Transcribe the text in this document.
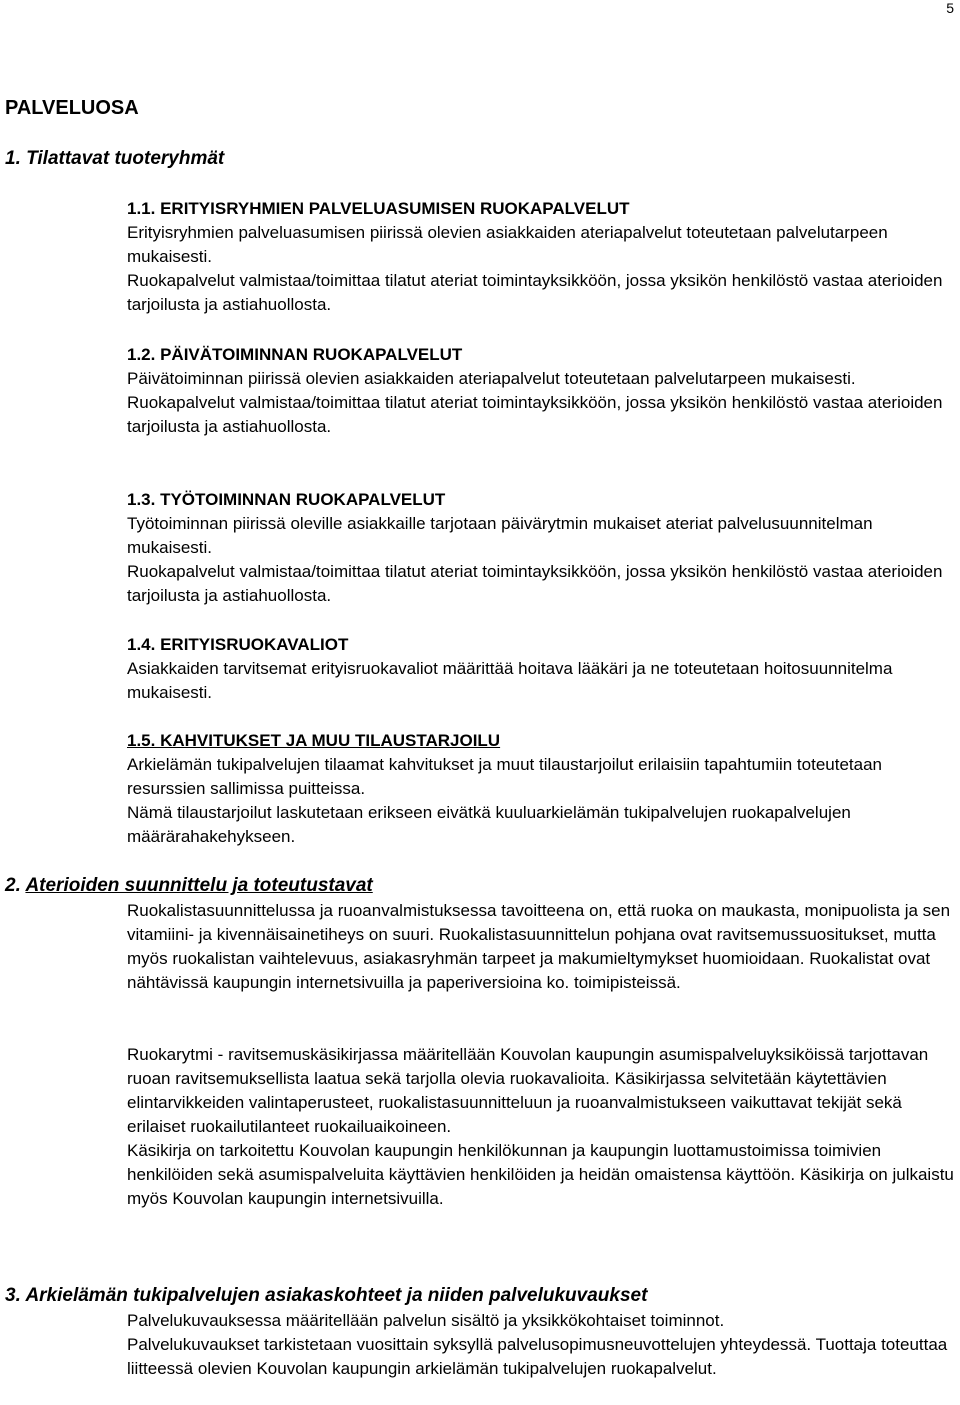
5
PALVELUOSA
1. Tilattavat tuoteryhmät

1.1. ERITYISRYHMIEN PALVELUASUMISEN RUOKAPALVELUT

Erityisryhmien palveluasumisen piirissä olevien asiakkaiden ateriapalvelut toteutetaan palvelutarpeen mukaisesti.

Ruokapalvelut valmistaa/toimittaa tilatut ateriat toimintayksikköön, jossa yksikön henkilöstö vastaa aterioiden tarjoilusta ja astiahuollosta.

1.2. PÄIVÄTOIMINNAN RUOKAPALVELUT

Päivätoiminnan piirissä olevien asiakkaiden ateriapalvelut toteutetaan palvelutarpeen mukaisesti.

Ruokapalvelut valmistaa/toimittaa tilatut ateriat toimintayksikköön, jossa yksikön henkilöstö vastaa aterioiden tarjoilusta ja astiahuollosta.

1.3. TYÖTOIMINNAN RUOKAPALVELUT

Työtoiminnan piirissä oleville asiakkaille tarjotaan päivärytmin mukaiset ateriat palvelusuunnitelman mukaisesti.

Ruokapalvelut valmistaa/toimittaa tilatut ateriat toimintayksikköön, jossa yksikön henkilöstö vastaa aterioiden tarjoilusta ja astiahuollosta.

1.4. ERITYISRUOKAVALIOT

Asiakkaiden tarvitsemat erityisruokavaliot määrittää hoitava lääkäri ja ne toteutetaan hoitosuunnitelma mukaisesti.

1.5. KAHVITUKSET JA MUU TILAUSTARJOILU

Arkielämän tukipalvelujen tilaamat kahvitukset ja muut tilaustarjoilut erilaisiin tapahtumiin toteutetaan resurssien sallimissa puitteissa.

Nämä tilaustarjoilut laskutetaan erikseen eivätkä kuuluarkielämän tukipalvelujen ruokapalvelujen määrärahakehykseen.

2. Aterioiden suunnittelu ja toteutustavat

Ruokalistasuunnittelussa ja ruoanvalmistuksessa tavoitteena on, että ruoka on maukasta, monipuolista ja sen vitamiini- ja kivennäisainetiheys on suuri. Ruokalistasuunnittelun pohjana ovat ravitsemussuositukset, mutta myös ruokalistan vaihtelevuus, asiakasryhmän tarpeet ja makumieltymykset huomioidaan. Ruokalistat ovat nähtävissä kaupungin internetsivuilla ja paperiversioina ko. toimipisteissä.

Ruokarytmi - ravitsemuskäsikirjassa määritellään Kouvolan kaupungin asumispalveluyksiköissä tarjottavan ruoan ravitsemuksellista laatua sekä tarjolla olevia ruokavalioita. Käsikirjassa selvitetään käytettävien elintarvikkeiden valintaperusteet, ruokalistasuunnitteluun ja ruoanvalmistukseen vaikuttavat tekijät sekä erilaiset ruokailutilanteet ruokailuaikoineen.

Käsikirja on tarkoitettu Kouvolan kaupungin henkilökunnan ja kaupungin luottamustoimissa toimivien henkilöiden sekä asumispalveluita käyttävien henkilöiden ja heidän omaistensa käyttöön. Käsikirja on julkaistu myös Kouvolan kaupungin internetsivuilla.

3. Arkielämän tukipalvelujen asiakaskohteet ja niiden palvelukuvaukset

Palvelukuvauksessa määritellään palvelun sisältö ja yksikkökohtaiset toiminnot.

Palvelukuvaukset tarkistetaan vuosittain syksyllä palvelusopimusneuvottelujen yhteydessä. Tuottaja toteuttaa liitteessä olevien Kouvolan kaupungin arkielämän tukipalvelujen ruokapalvelut.
